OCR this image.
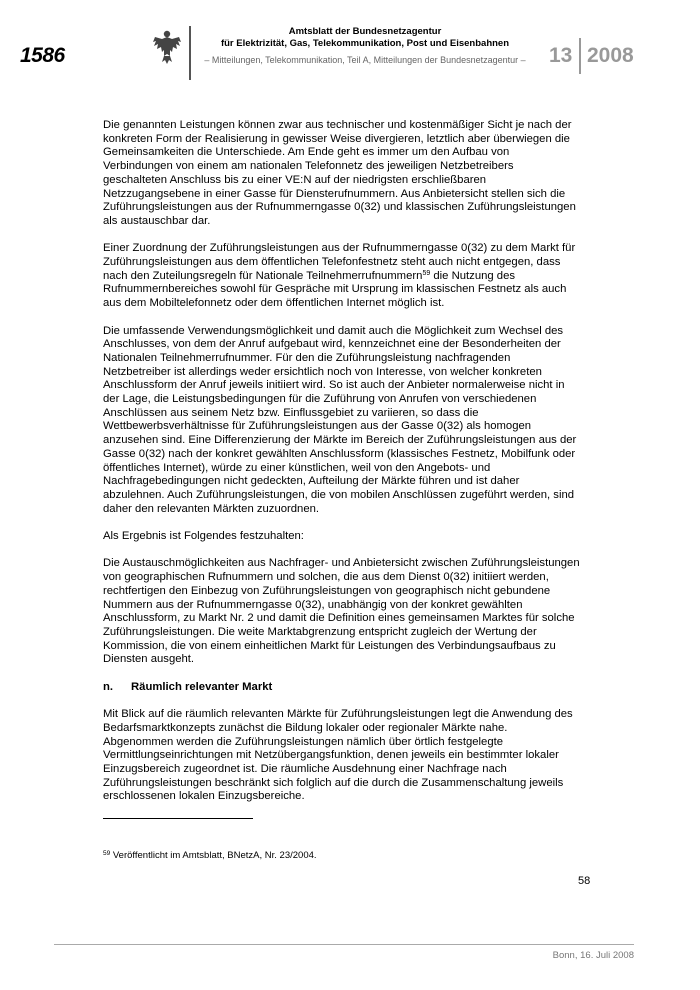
1586
Amtsblatt der Bundesnetzagentur
für Elektrizität, Gas, Telekommunikation, Post und Eisenbahnen
– Mitteilungen, Telekommunikation, Teil A, Mitteilungen der Bundesnetzagentur – 13 2008

Die genannten Leistungen können zwar aus technischer und kostenmäßiger Sicht je nach der konkreten Form der Realisierung in gewisser Weise divergieren, letztlich aber überwiegen die Gemeinsamkeiten die Unterschiede. Am Ende geht es immer um den Aufbau von Verbindungen von einem am nationalen Telefonnetz des jeweiligen Netzbetreibers geschalteten Anschluss bis zu einer VE:N auf der niedrigsten erschließbaren Netzzugangsebene in einer Gasse für Diensterufnummern. Aus Anbietersicht stellen sich die Zuführungsleistungen aus der Rufnummerngasse 0(32) und klassischen Zuführungsleistungen als austauschbar dar.

Einer Zuordnung der Zuführungsleistungen aus der Rufnummerngasse 0(32) zu dem Markt für Zuführungsleistungen aus dem öffentlichen Telefonfestnetz steht auch nicht entgegen, dass nach den Zuteilungsregeln für Nationale Teilnehmerrufnummern$^{59}$ die Nutzung des Rufnummernbereiches sowohl für Gespräche mit Ursprung im klassischen Festnetz als auch aus dem Mobiltelefonnetz oder dem öffentlichen Internet möglich ist.

Die umfassende Verwendungsmöglichkeit und damit auch die Möglichkeit zum Wechsel des Anschlusses, von dem der Anruf aufgebaut wird, kennzeichnet eine der Besonderheiten der Nationalen Teilnehmerrufnummer. Für den die Zuführungsleistung nachfragenden Netzbetreiber ist allerdings weder ersichtlich noch von Interesse, von welcher konkreten Anschlussform der Anruf jeweils initiiert wird. So ist auch der Anbieter normalerweise nicht in der Lage, die Leistungsbedingungen für die Zuführung von Anrufen von verschiedenen Anschlüssen aus seinem Netz bzw. Einflussgebiet zu variieren, so dass die Wettbewerbsverhältnisse für Zuführungsleistungen aus der Gasse 0(32) als homogen anzusehen sind. Eine Differenzierung der Märkte im Bereich der Zuführungsleistungen aus der Gasse 0(32) nach der konkret gewählten Anschlussform (klassisches Festnetz, Mobilfunk oder öffentliches Internet), würde zu einer künstlichen, weil von den Angebots- und Nachfragebedingungen nicht gedeckten, Aufteilung der Märkte führen und ist daher abzulehnen. Auch Zuführungsleistungen, die von mobilen Anschlüssen zugeführt werden, sind daher den relevanten Märkten zuzuordnen.

Als Ergebnis ist Folgendes festzuhalten:

Die Austauschmöglichkeiten aus Nachfrager- und Anbietersicht zwischen Zuführungsleistungen von geographischen Rufnummern und solchen, die aus dem Dienst 0(32) initiiert werden, rechtfertigen den Einbezug von Zuführungsleistungen von geographisch nicht gebundene Nummern aus der Rufnummerngasse 0(32), unabhängig von der konkret gewählten Anschlussform, zu Markt Nr. 2 und damit die Definition eines gemeinsamen Marktes für solche Zuführungsleistungen. Die weite Marktabgrenzung entspricht zugleich der Wertung der Kommission, die von einem einheitlichen Markt für Leistungen des Verbindungsaufbaus zu Diensten ausgeht.

n. Räumlich relevanter Markt

Mit Blick auf die räumlich relevanten Märkte für Zuführungsleistungen legt die Anwendung des Bedarfsmarktkonzepts zunächst die Bildung lokaler oder regionaler Märkte nahe. Abgenommen werden die Zuführungsleistungen nämlich über örtlich festgelegte Vermittlungseinrichtungen mit Netzübergangsfunktion, denen jeweils ein bestimmter lokaler Einzugsbereich zugeordnet ist. Die räumliche Ausdehnung einer Nachfrage nach Zuführungsleistungen beschränkt sich folglich auf die durch die Zusammenschaltung jeweils erschlossenen lokalen Einzugsbereiche.

$^{59}$ Veröffentlicht im Amtsblatt, BNetzA, Nr. 23/2004.
58
Bonn, 16. Juli 2008
